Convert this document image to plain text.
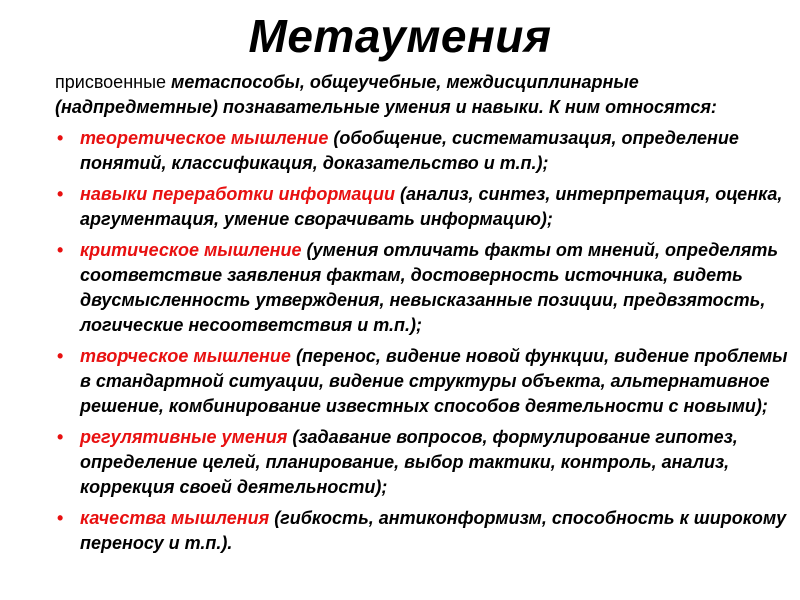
Метаумения

присвоенные метаспособы, общеучебные, междисциплинарные (надпредметные) познавательные умения и навыки. К ним относятся:

• теоретическое мышление (обобщение, систематизация, определение понятий, классификация, доказательство и т.п.);
• навыки переработки информации (анализ, синтез, интерпретация, оценка, аргументация, умение сворачивать информацию);
• критическое мышление (умения отличать факты от мнений, определять соответствие заявления фактам, достоверность источника, видеть двусмысленность утверждения, невысказанные позиции, предвзятость, логические несоответствия и т.п.);
• творческое мышление (перенос, видение новой функции, видение проблемы в стандартной ситуации, видение структуры объекта, альтернативное решение, комбинирование известных способов деятельности с новыми);
• регулятивные умения (задавание вопросов, формулирование гипотез, определение целей, планирование, выбор тактики, контроль, анализ, коррекция своей деятельности);
• качества мышления (гибкость, антиконформизм, способность к широкому переносу и т.п.).
